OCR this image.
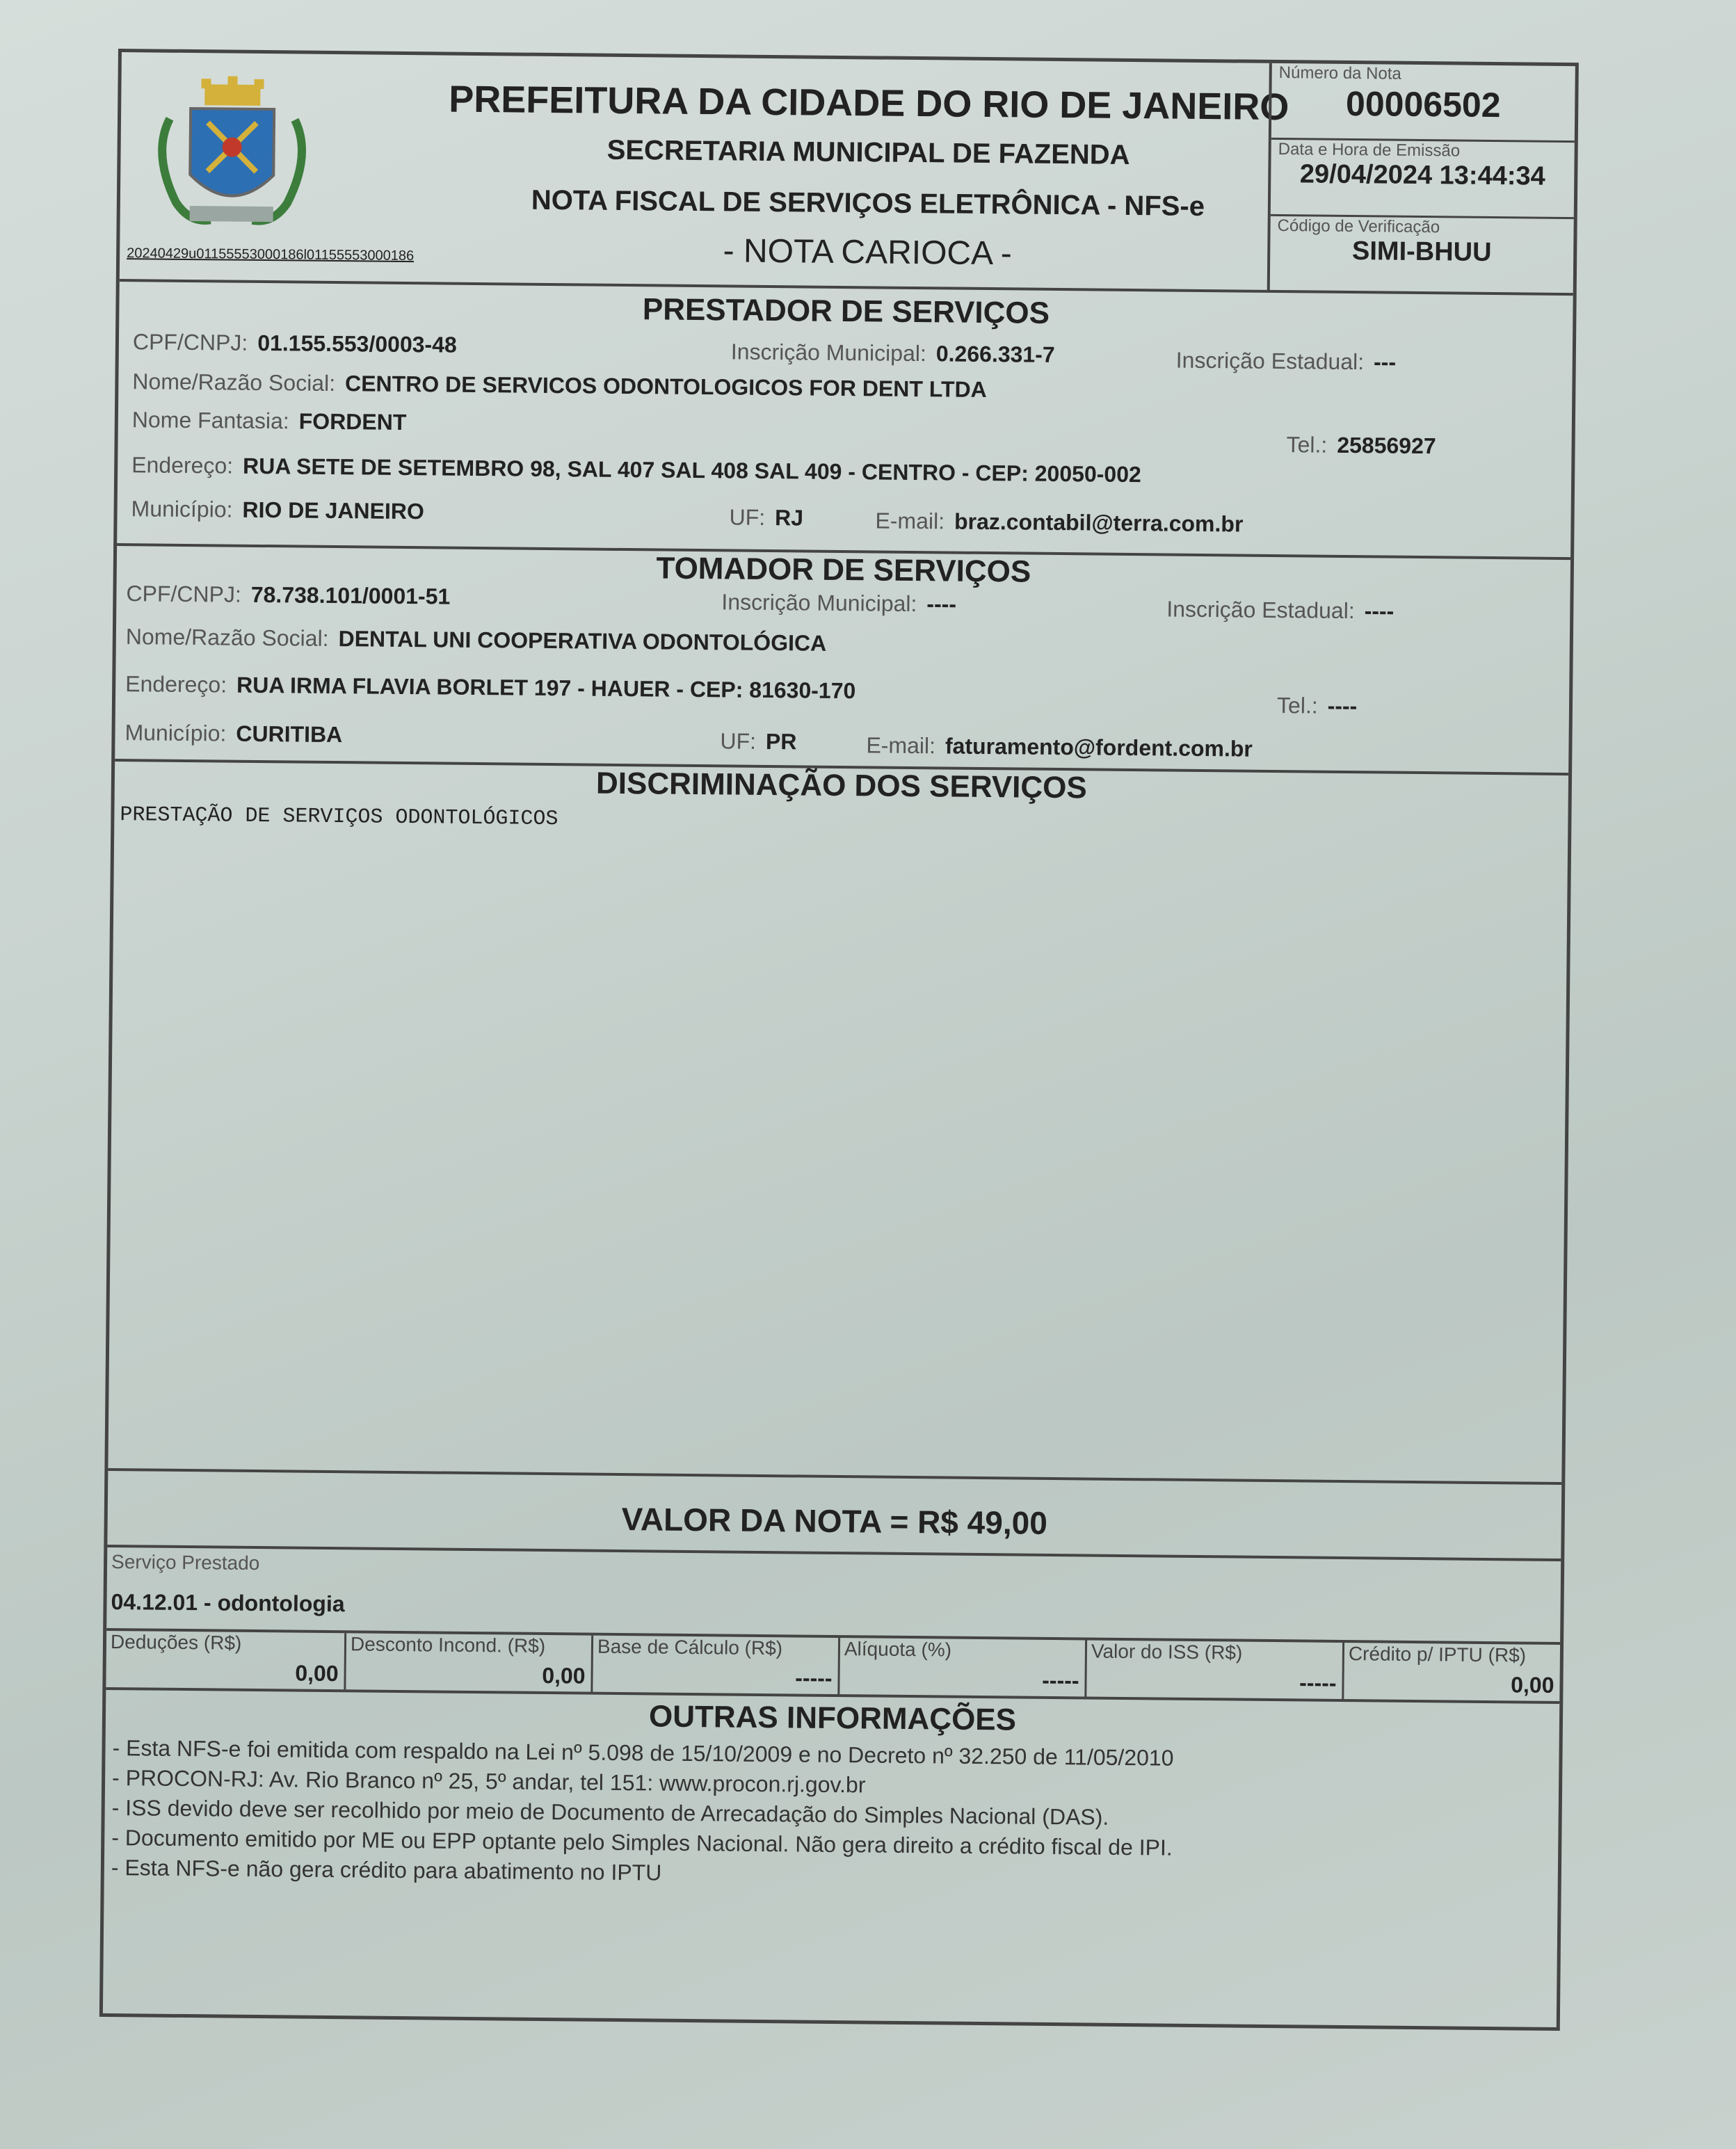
20240429u01155553000186l01155553000186
PREFEITURA DA CIDADE DO RIO DE JANEIRO
SECRETARIA MUNICIPAL DE FAZENDA
NOTA FISCAL DE SERVIÇOS ELETRÔNICA - NFS-e
- NOTA CARIOCA -
Número da Nota
00006502
Data e Hora de Emissão
29/04/2024 13:44:34
Código de Verificação
SIMI-BHUU
PRESTADOR DE SERVIÇOS
CPF/CNPJ: 01.155.553/0003-48	Inscrição Municipal: 0.266.331-7	Inscrição Estadual: ---
Nome/Razão Social: CENTRO DE SERVICOS ODONTOLOGICOS FOR DENT LTDA
Nome Fantasia: FORDENT
Tel.: 25856927
Endereço: RUA SETE DE SETEMBRO 98, SAL 407 SAL 408 SAL 409 - CENTRO - CEP: 20050-002
Município: RIO DE JANEIRO	UF: RJ	E-mail: braz.contabil@terra.com.br
TOMADOR DE SERVIÇOS
CPF/CNPJ: 78.738.101/0001-51	Inscrição Municipal: ----	Inscrição Estadual: ----
Nome/Razão Social: DENTAL UNI COOPERATIVA ODONTOLÓGICA
Endereço: RUA IRMA FLAVIA BORLET 197 - HAUER - CEP: 81630-170
Tel.: ----
Município: CURITIBA	UF: PR	E-mail: faturamento@fordent.com.br
DISCRIMINAÇÃO DOS SERVIÇOS
PRESTAÇÃO DE SERVIÇOS ODONTOLÓGICOS
VALOR DA NOTA = R$ 49,00
Serviço Prestado
04.12.01 - odontologia
Deduções (R$)
0,00
Desconto Incond. (R$)
0,00
Base de Cálculo (R$)
-----
Alíquota (%)
-----
Valor do ISS (R$)
-----
Crédito p/ IPTU (R$)
0,00
OUTRAS INFORMAÇÕES
- Esta NFS-e foi emitida com respaldo na Lei nº 5.098 de 15/10/2009 e no Decreto nº 32.250 de 11/05/2010
- PROCON-RJ: Av. Rio Branco nº 25, 5º andar, tel 151: www.procon.rj.gov.br
- ISS devido deve ser recolhido por meio de Documento de Arrecadação do Simples Nacional (DAS).
- Documento emitido por ME ou EPP optante pelo Simples Nacional. Não gera direito a crédito fiscal de IPI.
- Esta NFS-e não gera crédito para abatimento no IPTU
